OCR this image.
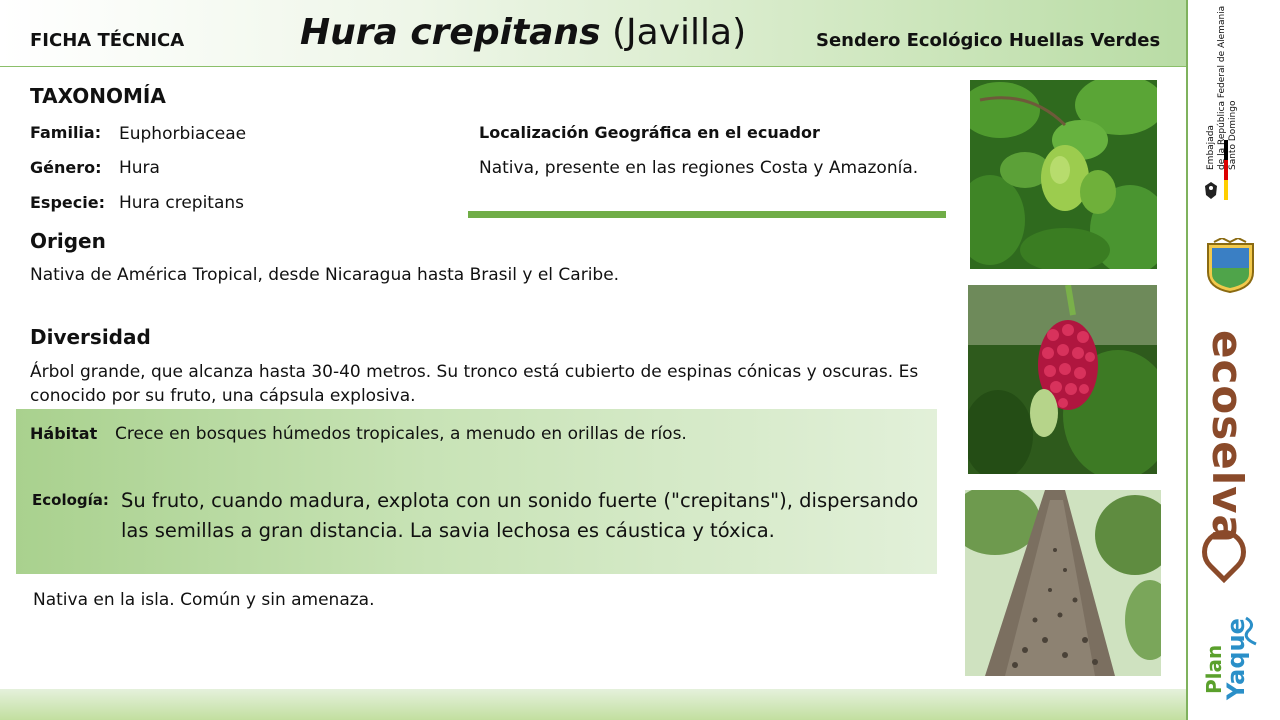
FICHA TÉCNICA	Hura crepitans (Javilla)	Sendero Ecológico Huellas Verdes
TAXONOMÍA
Familia: Euphorbiaceae
Género: Hura
Especie: Hura crepitans
Localización Geográfica en el ecuador
Nativa, presente en las regiones Costa y Amazonía.
Origen
Nativa de América Tropical, desde Nicaragua hasta Brasil y el Caribe.
Diversidad
Árbol grande, que alcanza hasta 30-40 metros. Su tronco está cubierto de espinas cónicas y oscuras. Es
conocido por su fruto, una cápsula explosiva.
Hábitat Crece en bosques húmedos tropicales, a menudo en orillas de ríos.
Ecología: Su fruto, cuando madura, explota con un sonido fuerte ("crepitans"), dispersando
las semillas a gran distancia. La savia lechosa es cáustica y tóxica.
Nativa en la isla. Común y sin amenaza.
Embajada de la República Federal de Alemania Santo Domingo
ecoselva
Plan
Yaque
